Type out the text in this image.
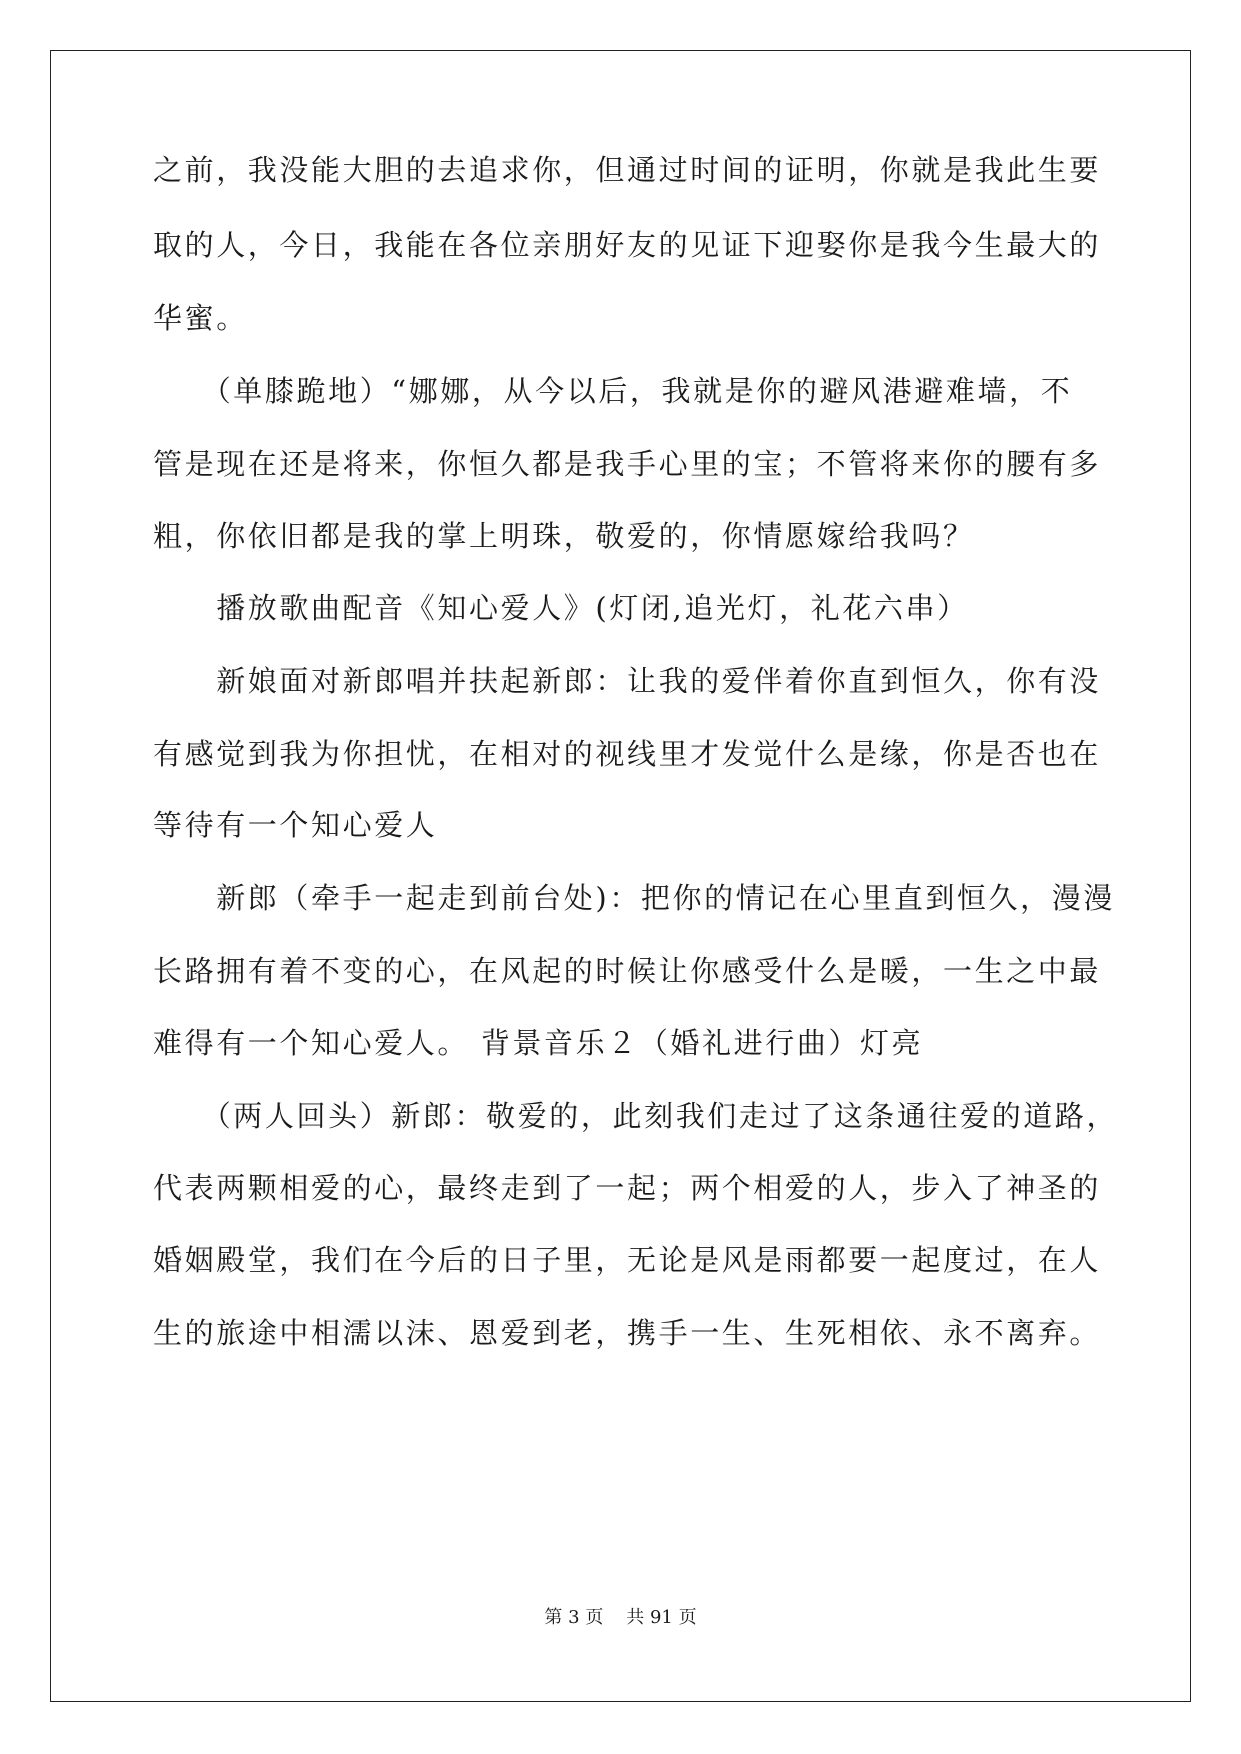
之前，我没能大胆的去追求你，但通过时间的证明，你就是我此生要
取的人，今日，我能在各位亲朋好友的见证下迎娶你是我今生最大的
华蜜。
　　（单膝跪地）“娜娜，从今以后，我就是你的避风港避难墙，不
管是现在还是将来，你恒久都是我手心里的宝；不管将来你的腰有多
粗，你依旧都是我的掌上明珠，敬爱的，你情愿嫁给我吗？
　　播放歌曲配音《知心爱人》(灯闭,追光灯，礼花六串）
　　新娘面对新郎唱并扶起新郎：让我的爱伴着你直到恒久，你有没
有感觉到我为你担忧，在相对的视线里才发觉什么是缘，你是否也在
等待有一个知心爱人
　　新郎（牵手一起走到前台处)：把你的情记在心里直到恒久，漫漫
长路拥有着不变的心，在风起的时候让你感受什么是暖，一生之中最
难得有一个知心爱人。 背景音乐２（婚礼进行曲）灯亮
　　（两人回头）新郎：敬爱的，此刻我们走过了这条通往爱的道路，
代表两颗相爱的心，最终走到了一起；两个相爱的人，步入了神圣的
婚姻殿堂，我们在今后的日子里，无论是风是雨都要一起度过，在人
生的旅途中相濡以沫、恩爱到老，携手一生、生死相依、永不离弃。
第 3 页 共 91 页
